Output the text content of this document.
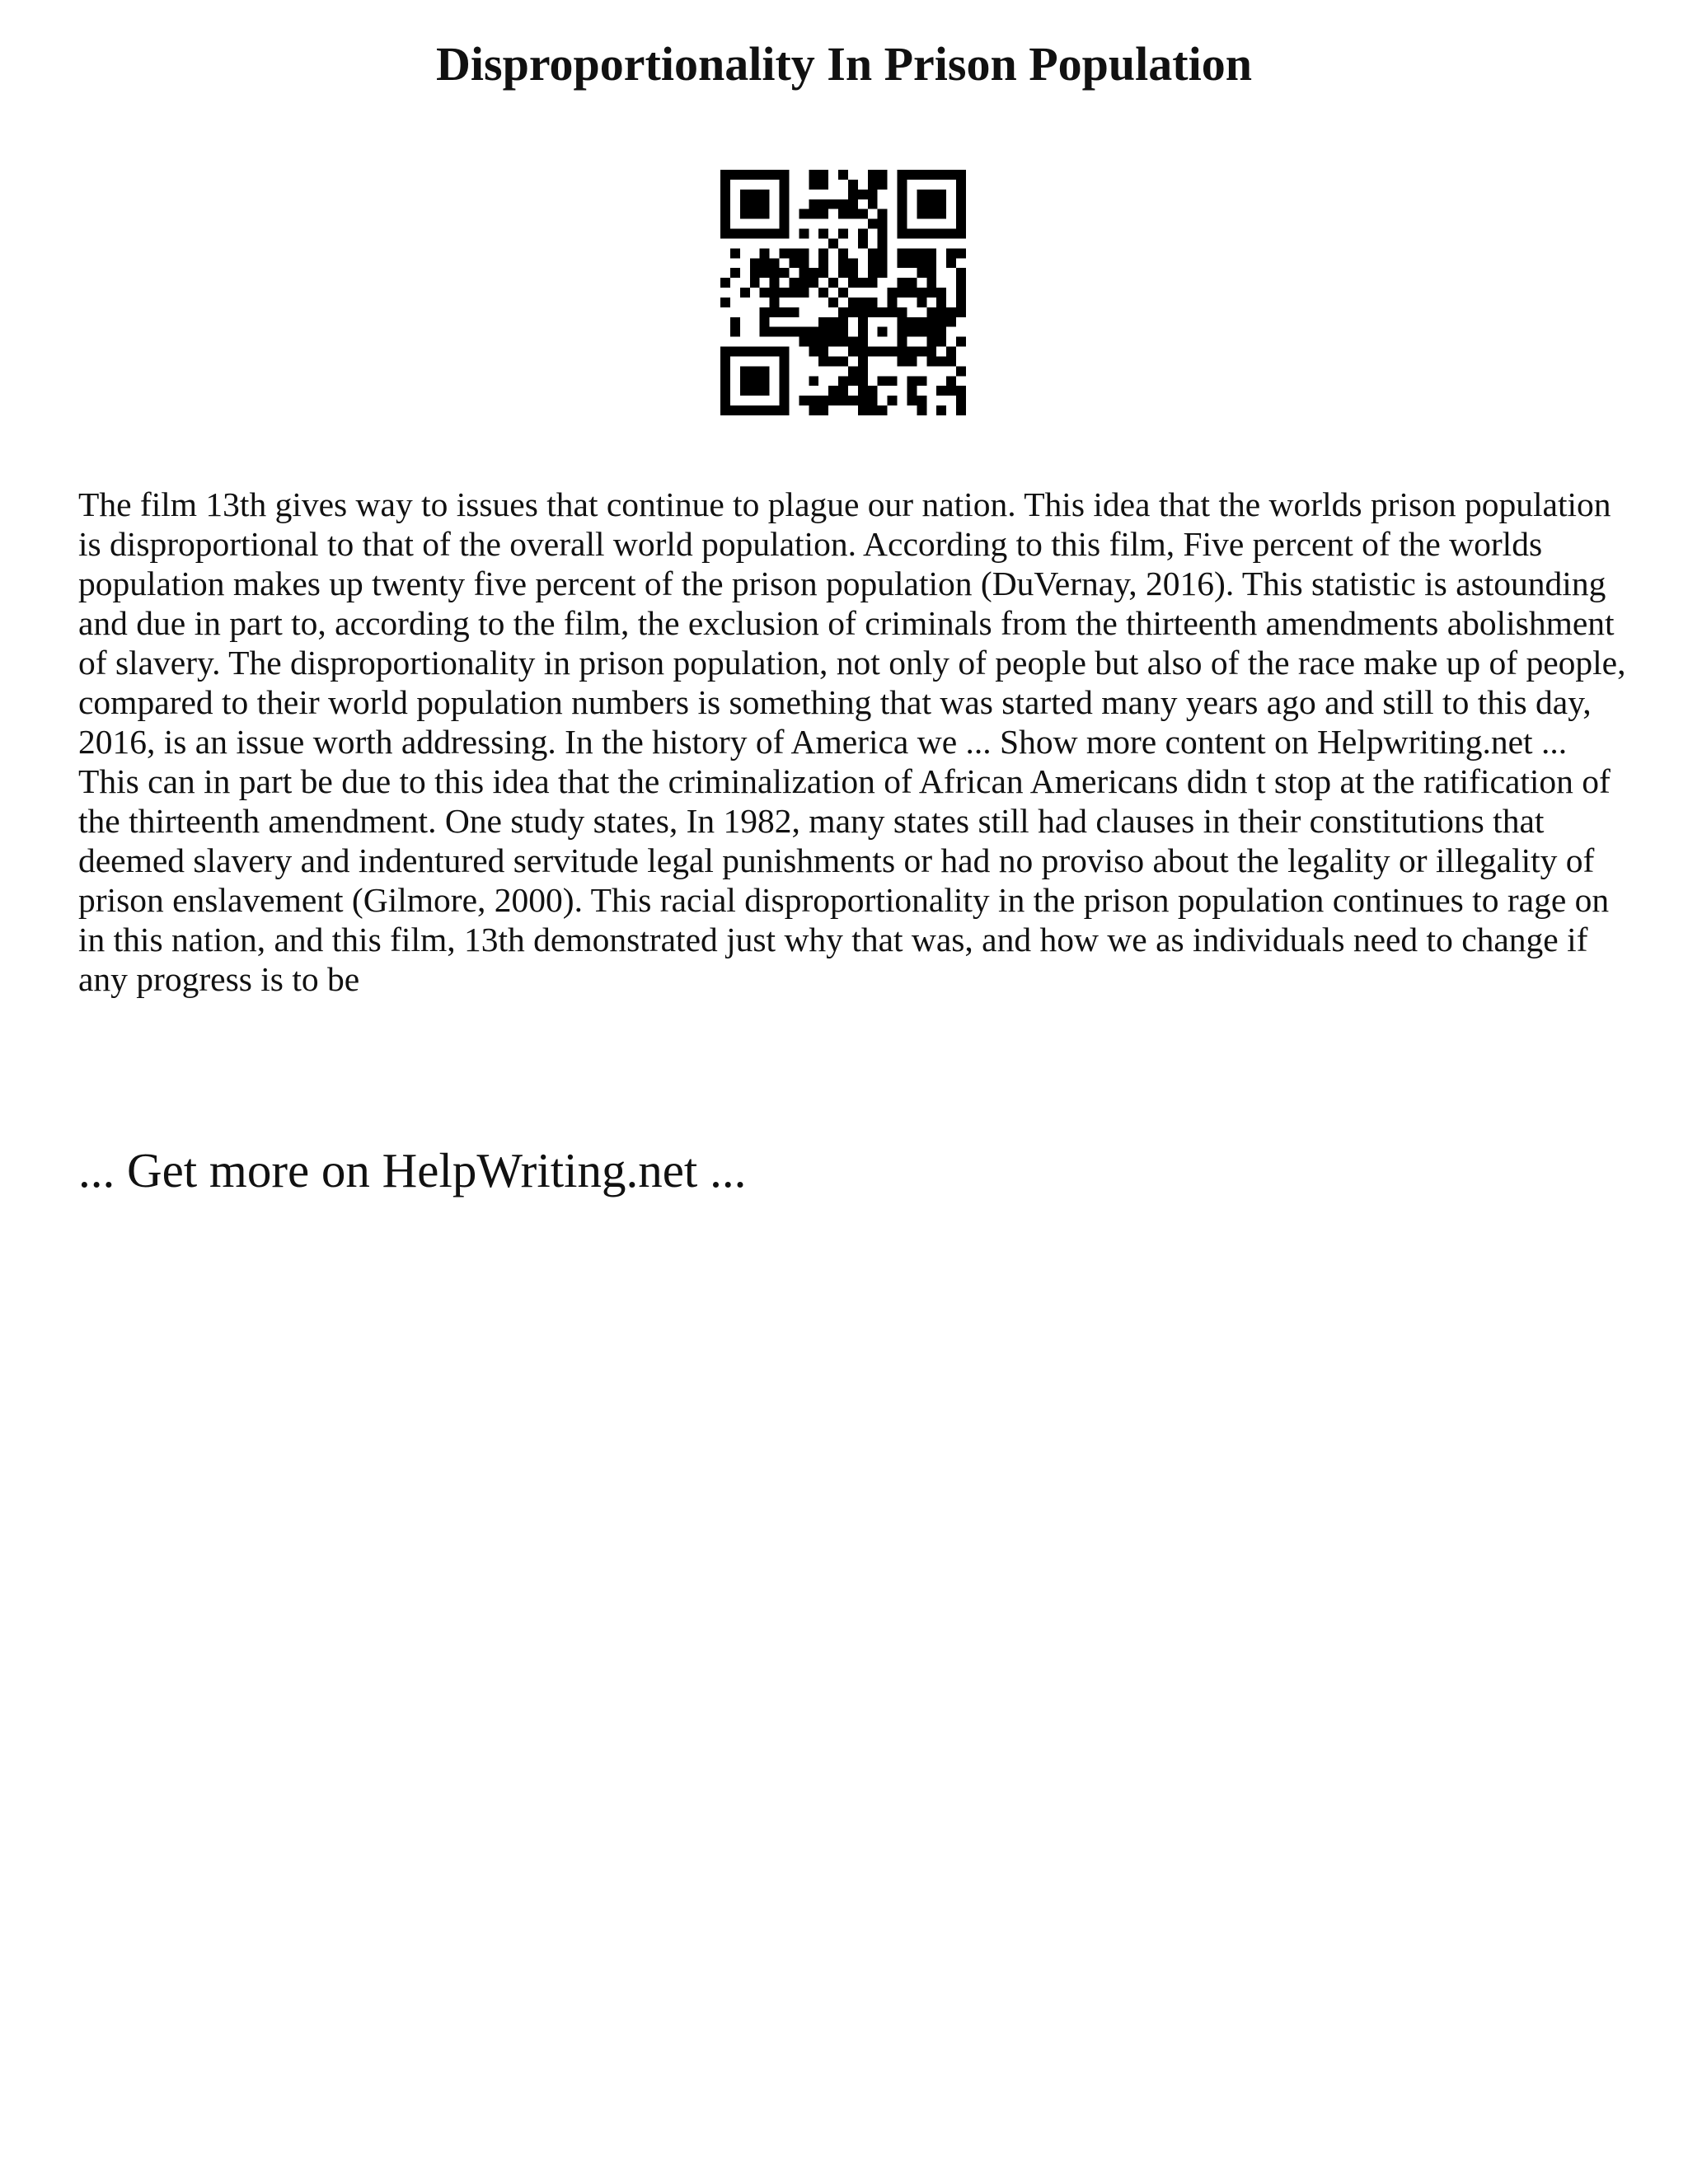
Disproportionality In Prison Population

The film 13th gives way to issues that continue to plague our nation. This idea that the worlds prison population is disproportional to that of the overall world population. According to this film, Five percent of the worlds population makes up twenty five percent of the prison population (DuVernay, 2016). This statistic is astounding and due in part to, according to the film, the exclusion of criminals from the thirteenth amendments abolishment of slavery. The disproportionality in prison population, not only of people but also of the race make up of people, compared to their world population numbers is something that was started many years ago and still to this day, 2016, is an issue worth addressing. In the history of America we ... Show more content on Helpwriting.net ...

This can in part be due to this idea that the criminalization of African Americans didn t stop at the ratification of the thirteenth amendment. One study states, In 1982, many states still had clauses in their constitutions that deemed slavery and indentured servitude legal punishments or had no proviso about the legality or illegality of prison enslavement (Gilmore, 2000). This racial disproportionality in the prison population continues to rage on in this nation, and this film, 13th demonstrated just why that was, and how we as individuals need to change if any progress is to be

... Get more on HelpWriting.net ...
